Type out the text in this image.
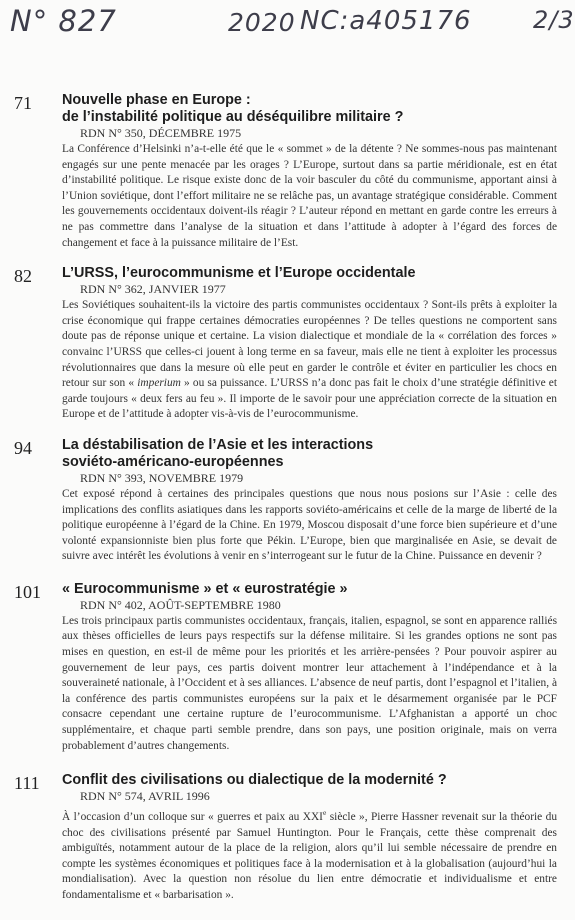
N° 827	2020 NC:a405176	2/3
71	Nouvelle phase en Europe :
de l’instabilité politique au déséquilibre militaire ?
RDN N° 350, DÉCEMBRE 1975
La Conférence d’Helsinki n’a-t-elle été que le « sommet » de la détente ? Ne sommes-nous pas maintenant engagés sur une pente menacée par les orages ? L’Europe, surtout dans sa partie méridionale, est en état d’instabilité politique. Le risque existe donc de la voir basculer du côté du communisme, apportant ainsi à l’Union soviétique, dont l’effort militaire ne se relâche pas, un avantage stratégique considérable. Comment les gouvernements occidentaux doivent-ils réagir ? L’auteur répond en mettant en garde contre les erreurs à ne pas commettre dans l’analyse de la situation et dans l’attitude à adopter à l’égard des forces de changement et face à la puissance militaire de l’Est.
82	L’URSS, l’eurocommunisme et l’Europe occidentale
RDN N° 362, JANVIER 1977
Les Soviétiques souhaitent-ils la victoire des partis communistes occidentaux ? Sont-ils prêts à exploiter la crise économique qui frappe certaines démocraties européennes ? De telles questions ne comportent sans doute pas de réponse unique et certaine. La vision dialectique et mondiale de la « corrélation des forces » convainc l’URSS que celles-ci jouent à long terme en sa faveur, mais elle ne tient à exploiter les processus révolutionnaires que dans la mesure où elle peut en garder le contrôle et éviter en particulier les chocs en retour sur son « imperium » ou sa puissance. L’URSS n’a donc pas fait le choix d’une stratégie définitive et garde toujours « deux fers au feu ». Il importe de le savoir pour une appréciation correcte de la situation en Europe et de l’attitude à adopter vis-à-vis de l’eurocommunisme.
94	La déstabilisation de l’Asie et les interactions
soviéto-américano-européennes
RDN N° 393, NOVEMBRE 1979
Cet exposé répond à certaines des principales questions que nous nous posions sur l’Asie : celle des implications des conflits asiatiques dans les rapports soviéto-américains et celle de la marge de liberté de la politique européenne à l’égard de la Chine. En 1979, Moscou disposait d’une force bien supérieure et d’une volonté expansionniste bien plus forte que Pékin. L’Europe, bien que marginalisée en Asie, se devait de suivre avec intérêt les évolutions à venir en s’interrogeant sur le futur de la Chine. Puissance en devenir ?
101	« Eurocommunisme » et « eurostratégie »
RDN N° 402, AOÛT-SEPTEMBRE 1980
Les trois principaux partis communistes occidentaux, français, italien, espagnol, se sont en apparence ralliés aux thèses officielles de leurs pays respectifs sur la défense militaire. Si les grandes options ne sont pas mises en question, en est-il de même pour les priorités et les arrière-pensées ? Pour pouvoir aspirer au gouvernement de leur pays, ces partis doivent montrer leur attachement à l’indépendance et à la souveraineté nationale, à l’Occident et à ses alliances. L’absence de neuf partis, dont l’espagnol et l’italien, à la conférence des partis communistes européens sur la paix et le désarmement organisée par le PCF consacre cependant une certaine rupture de l’eurocommunisme. L’Afghanistan a apporté un choc supplémentaire, et chaque parti semble prendre, dans son pays, une position originale, mais on verra probablement d’autres changements.
111	Conflit des civilisations ou dialectique de la modernité ?
RDN N° 574, AVRIL 1996
À l’occasion d’un colloque sur « guerres et paix au XXIe siècle », Pierre Hassner revenait sur la théorie du choc des civilisations présenté par Samuel Huntington. Pour le Français, cette thèse comprenait des ambiguïtés, notamment autour de la place de la religion, alors qu’il lui semble nécessaire de prendre en compte les systèmes économiques et politiques face à la modernisation et à la globalisation (aujourd’hui la mondialisation). Avec la question non résolue du lien entre démocratie et individualisme et entre fondamentalisme et « barbarisation ».
